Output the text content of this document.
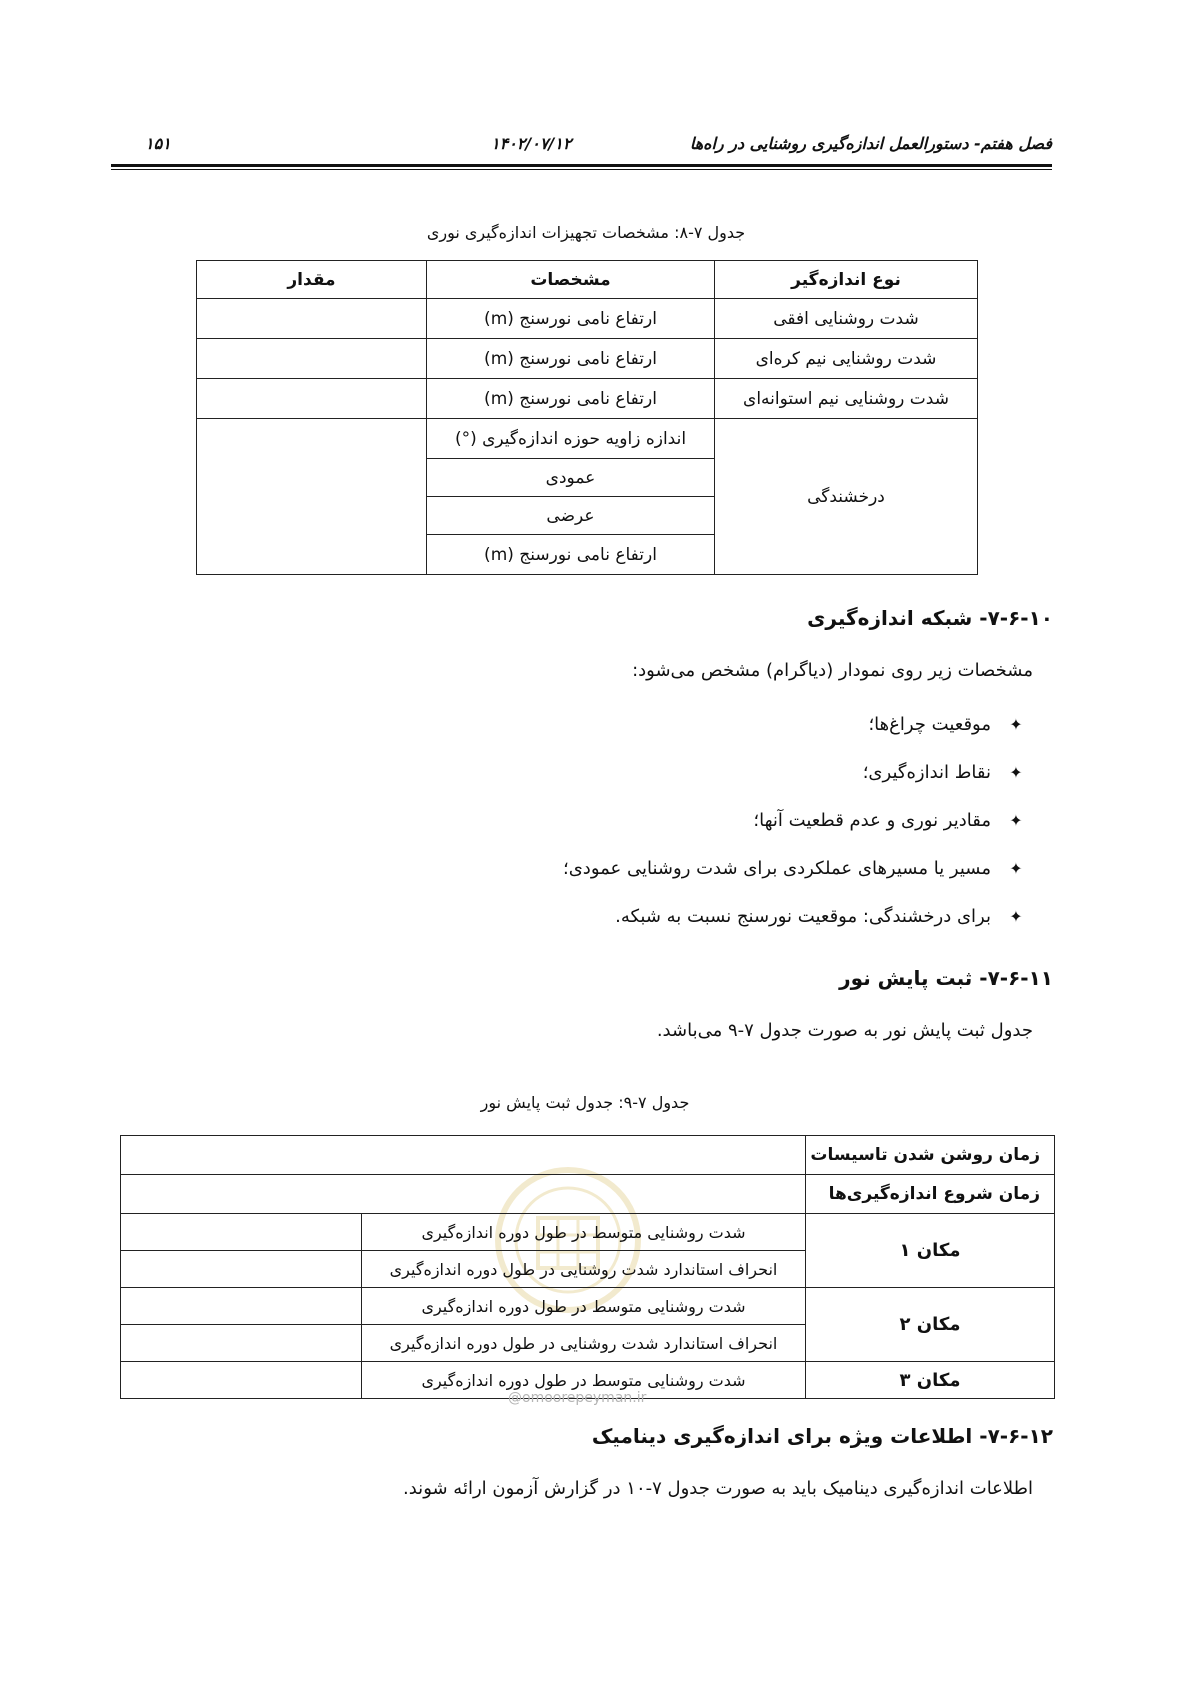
فصل هفتم- دستورالعمل اندازه‌گیری روشنایی در راه‌ها
۱۴۰۲/۰۷/۱۲
۱۵۱
جدول ۷-۸: مشخصات تجهیزات اندازه‌گیری نوری
نوع اندازه‌گیر	مشخصات	مقدار
شدت روشنایی افقی	ارتفاع نامی نورسنج (m)	
شدت روشنایی نیم کره‌ای	ارتفاع نامی نورسنج (m)	
شدت روشنایی نیم استوانه‌ای	ارتفاع نامی نورسنج (m)	
درخشندگی	اندازه زاویه حوزه اندازه‌گیری (°)	
	عمودی	
	عرضی	
	ارتفاع نامی نورسنج (m)	
۷-۶-۱۰- شبکه اندازه‌گیری
مشخصات زیر روی نمودار (دیاگرام) مشخص می‌شود:
✦
موقعیت چراغ‌ها؛
✦
نقاط اندازه‌گیری؛
✦
مقادیر نوری و عدم قطعیت آنها؛
✦
مسیر یا مسیرهای عملکردی برای شدت روشنایی عمودی؛
✦
برای درخشندگی: موقعیت نورسنج نسبت به شبکه.
۷-۶-۱۱- ثبت پایش نور
جدول ثبت پایش نور به صورت جدول ۷-۹ می‌باشد.
جدول ۷-۹: جدول ثبت پایش نور
زمان روشن شدن تاسیسات		
زمان شروع اندازه‌گیری‌ها		
مکان ۱	شدت روشنایی متوسط در طول دوره اندازه‌گیری	
	انحراف استاندارد شدت روشنایی در طول دوره اندازه‌گیری	
مکان ۲	شدت روشنایی متوسط در طول دوره اندازه‌گیری	
	انحراف استاندارد شدت روشنایی در طول دوره اندازه‌گیری	
مکان ۳	شدت روشنایی متوسط در طول دوره اندازه‌گیری	
@omoorepeyman.ir
۷-۶-۱۲- اطلاعات ویژه برای اندازه‌گیری دینامیک
اطلاعات اندازه‌گیری دینامیک باید به صورت جدول ۷-۱۰ در گزارش آزمون ارائه شوند.
